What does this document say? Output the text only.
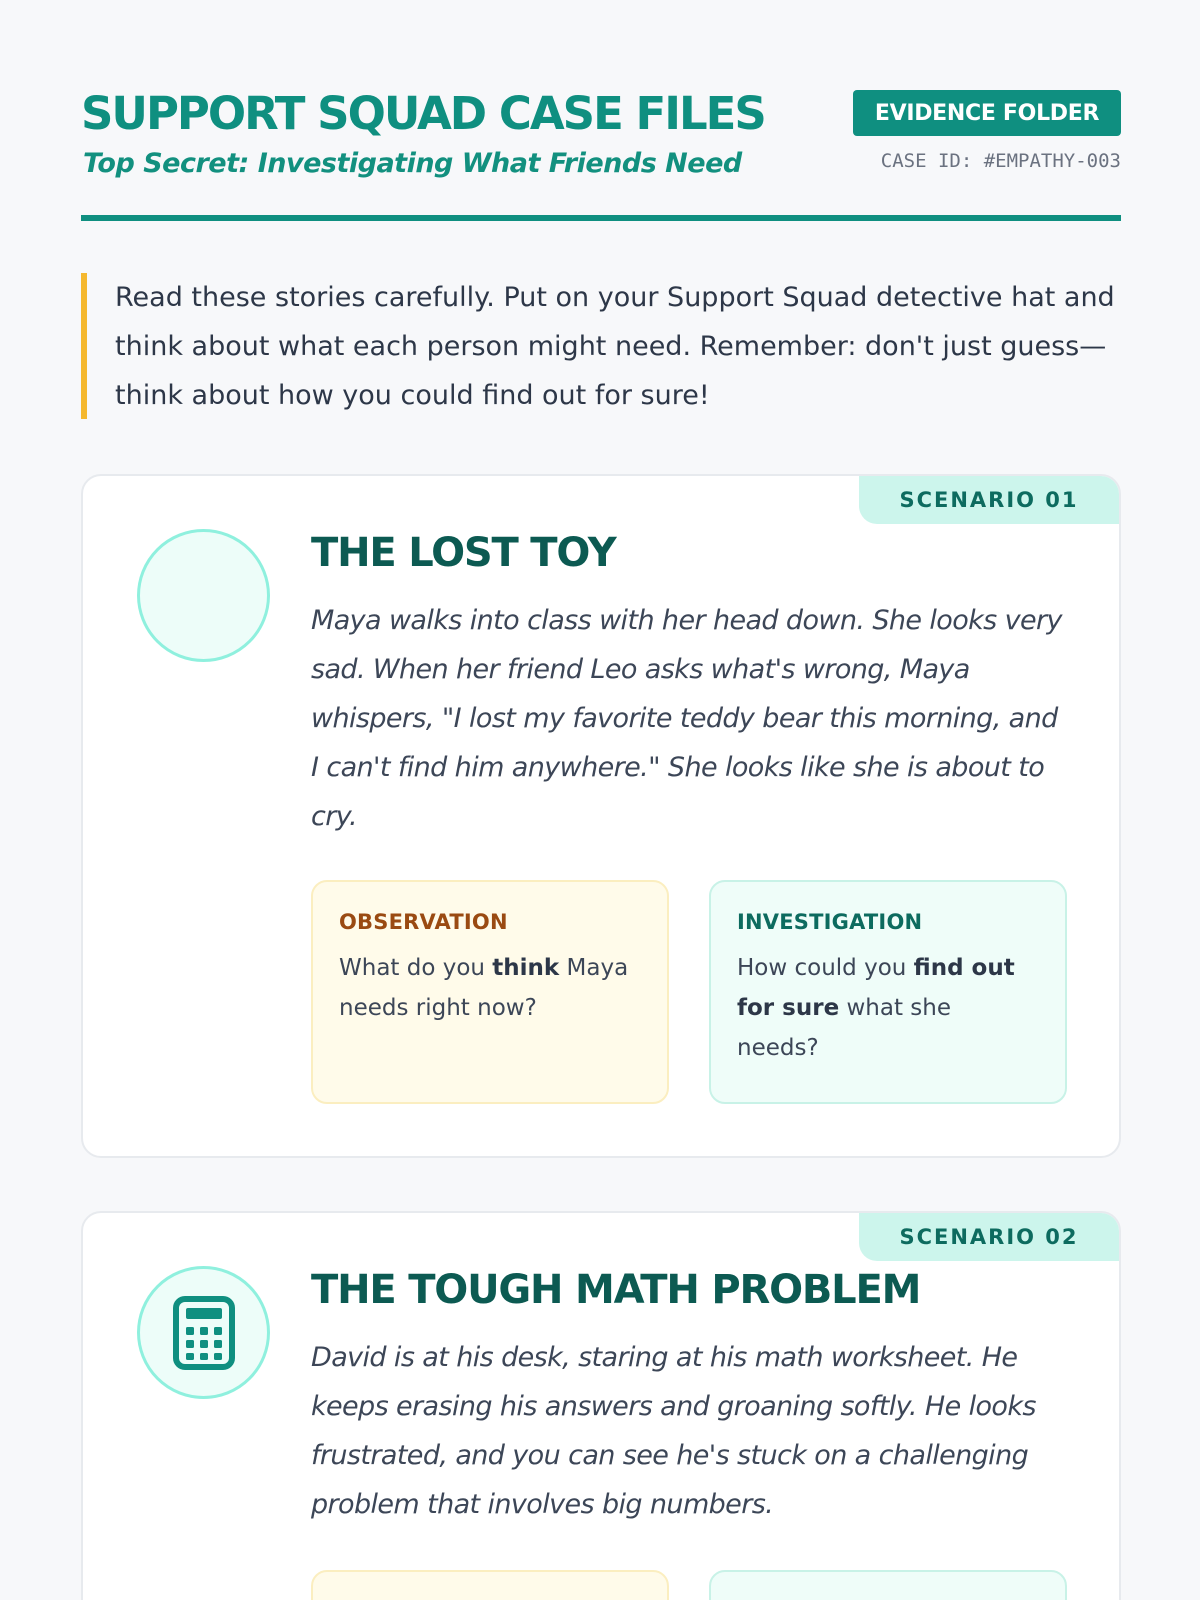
SUPPORT SQUAD CASE FILES
Top Secret: Investigating What Friends Need
EVIDENCE FOLDER
CASE ID: #EMPATHY-003

Read these stories carefully. Put on your Support Squad detective hat and think about what each person might need. Remember: don't just guess—think about how you could find out for sure!

SCENARIO 01
THE LOST TOY

Maya walks into class with her head down. She looks very sad. When her friend Leo asks what's wrong, Maya whispers, "I lost my favorite teddy bear this morning, and I can't find him anywhere." She looks like she is about to cry.

OBSERVATION
What do you think Maya needs right now?
INVESTIGATION
How could you find out for sure what she needs?
SCENARIO 02
THE TOUGH MATH PROBLEM

David is at his desk, staring at his math worksheet. He keeps erasing his answers and groaning softly. He looks frustrated, and you can see he's stuck on a challenging problem that involves big numbers.
